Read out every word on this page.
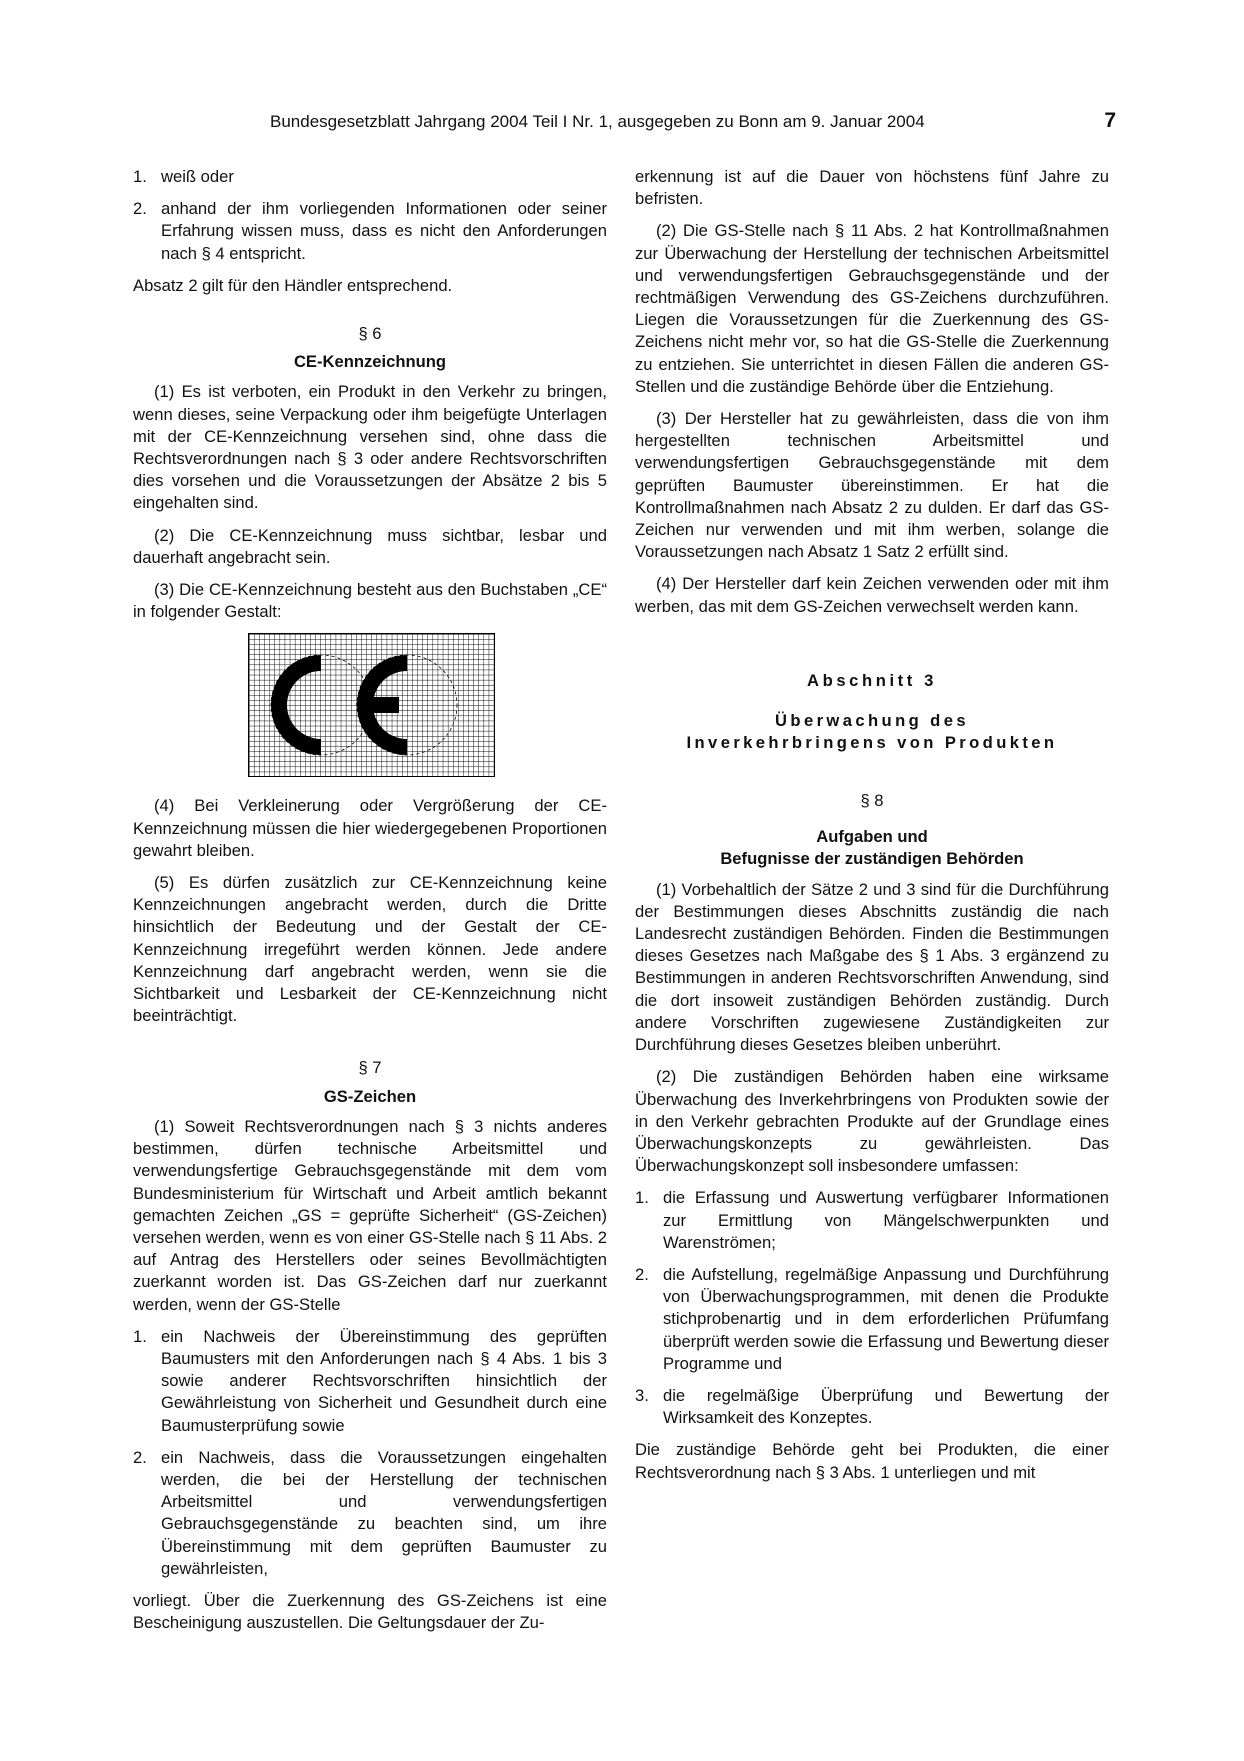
Bundesgesetzblatt Jahrgang 2004 Teil I Nr. 1, ausgegeben zu Bonn am 9. Januar 2004	7
1. weiß oder
2. anhand der ihm vorliegenden Informationen oder seiner Erfahrung wissen muss, dass es nicht den Anforderungen nach § 4 entspricht.

Absatz 2 gilt für den Händler entsprechend.

§ 6
CE-Kennzeichnung

(1) Es ist verboten, ein Produkt in den Verkehr zu bringen, wenn dieses, seine Verpackung oder ihm beigefügte Unterlagen mit der CE-Kennzeichnung versehen sind, ohne dass die Rechtsverordnungen nach § 3 oder andere Rechtsvorschriften dies vorsehen und die Voraussetzungen der Absätze 2 bis 5 eingehalten sind.

(2) Die CE-Kennzeichnung muss sichtbar, lesbar und dauerhaft angebracht sein.

(3) Die CE-Kennzeichnung besteht aus den Buchstaben „CE“ in folgender Gestalt:

(4) Bei Verkleinerung oder Vergrößerung der CE-Kennzeichnung müssen die hier wiedergegebenen Proportionen gewahrt bleiben.

(5) Es dürfen zusätzlich zur CE-Kennzeichnung keine Kennzeichnungen angebracht werden, durch die Dritte hinsichtlich der Bedeutung und der Gestalt der CE-Kennzeichnung irregeführt werden können. Jede andere Kennzeichnung darf angebracht werden, wenn sie die Sichtbarkeit und Lesbarkeit der CE-Kennzeichnung nicht beeinträchtigt.

§ 7
GS-Zeichen

(1) Soweit Rechtsverordnungen nach § 3 nichts anderes bestimmen, dürfen technische Arbeitsmittel und verwendungsfertige Gebrauchsgegenstände mit dem vom Bundesministerium für Wirtschaft und Arbeit amtlich bekannt gemachten Zeichen „GS = geprüfte Sicherheit“ (GS-Zeichen) versehen werden, wenn es von einer GS-Stelle nach § 11 Abs. 2 auf Antrag des Herstellers oder seines Bevollmächtigten zuerkannt worden ist. Das GS-Zeichen darf nur zuerkannt werden, wenn der GS-Stelle

1. ein Nachweis der Übereinstimmung des geprüften Baumusters mit den Anforderungen nach § 4 Abs. 1 bis 3 sowie anderer Rechtsvorschriften hinsichtlich der Gewährleistung von Sicherheit und Gesundheit durch eine Baumusterprüfung sowie
2. ein Nachweis, dass die Voraussetzungen eingehalten werden, die bei der Herstellung der technischen Arbeitsmittel und verwendungsfertigen Gebrauchsgegenstände zu beachten sind, um ihre Übereinstimmung mit dem geprüften Baumuster zu gewährleisten,

vorliegt. Über die Zuerkennung des GS-Zeichens ist eine Bescheinigung auszustellen. Die Geltungsdauer der Zu-

erkennung ist auf die Dauer von höchstens fünf Jahre zu befristen.

(2) Die GS-Stelle nach § 11 Abs. 2 hat Kontrollmaßnahmen zur Überwachung der Herstellung der technischen Arbeitsmittel und verwendungsfertigen Gebrauchsgegenstände und der rechtmäßigen Verwendung des GS-Zeichens durchzuführen. Liegen die Voraussetzungen für die Zuerkennung des GS-Zeichens nicht mehr vor, so hat die GS-Stelle die Zuerkennung zu entziehen. Sie unterrichtet in diesen Fällen die anderen GS-Stellen und die zuständige Behörde über die Entziehung.

(3) Der Hersteller hat zu gewährleisten, dass die von ihm hergestellten technischen Arbeitsmittel und verwendungsfertigen Gebrauchsgegenstände mit dem geprüften Baumuster übereinstimmen. Er hat die Kontrollmaßnahmen nach Absatz 2 zu dulden. Er darf das GS-Zeichen nur verwenden und mit ihm werben, solange die Voraussetzungen nach Absatz 1 Satz 2 erfüllt sind.

(4) Der Hersteller darf kein Zeichen verwenden oder mit ihm werben, das mit dem GS-Zeichen verwechselt werden kann.

Abschnitt 3
Überwachung des
Inverkehrbringens von Produkten
§ 8
Aufgaben und
Befugnisse der zuständigen Behörden

(1) Vorbehaltlich der Sätze 2 und 3 sind für die Durchführung der Bestimmungen dieses Abschnitts zuständig die nach Landesrecht zuständigen Behörden. Finden die Bestimmungen dieses Gesetzes nach Maßgabe des § 1 Abs. 3 ergänzend zu Bestimmungen in anderen Rechtsvorschriften Anwendung, sind die dort insoweit zuständigen Behörden zuständig. Durch andere Vorschriften zugewiesene Zuständigkeiten zur Durchführung dieses Gesetzes bleiben unberührt.

(2) Die zuständigen Behörden haben eine wirksame Überwachung des Inverkehrbringens von Produkten sowie der in den Verkehr gebrachten Produkte auf der Grundlage eines Überwachungskonzepts zu gewährleisten. Das Überwachungskonzept soll insbesondere umfassen:

1. die Erfassung und Auswertung verfügbarer Informationen zur Ermittlung von Mängelschwerpunkten und Warenströmen;
2. die Aufstellung, regelmäßige Anpassung und Durchführung von Überwachungsprogrammen, mit denen die Produkte stichprobenartig und in dem erforderlichen Prüfumfang überprüft werden sowie die Erfassung und Bewertung dieser Programme und
3. die regelmäßige Überprüfung und Bewertung der Wirksamkeit des Konzeptes.

Die zuständige Behörde geht bei Produkten, die einer Rechtsverordnung nach § 3 Abs. 1 unterliegen und mit
